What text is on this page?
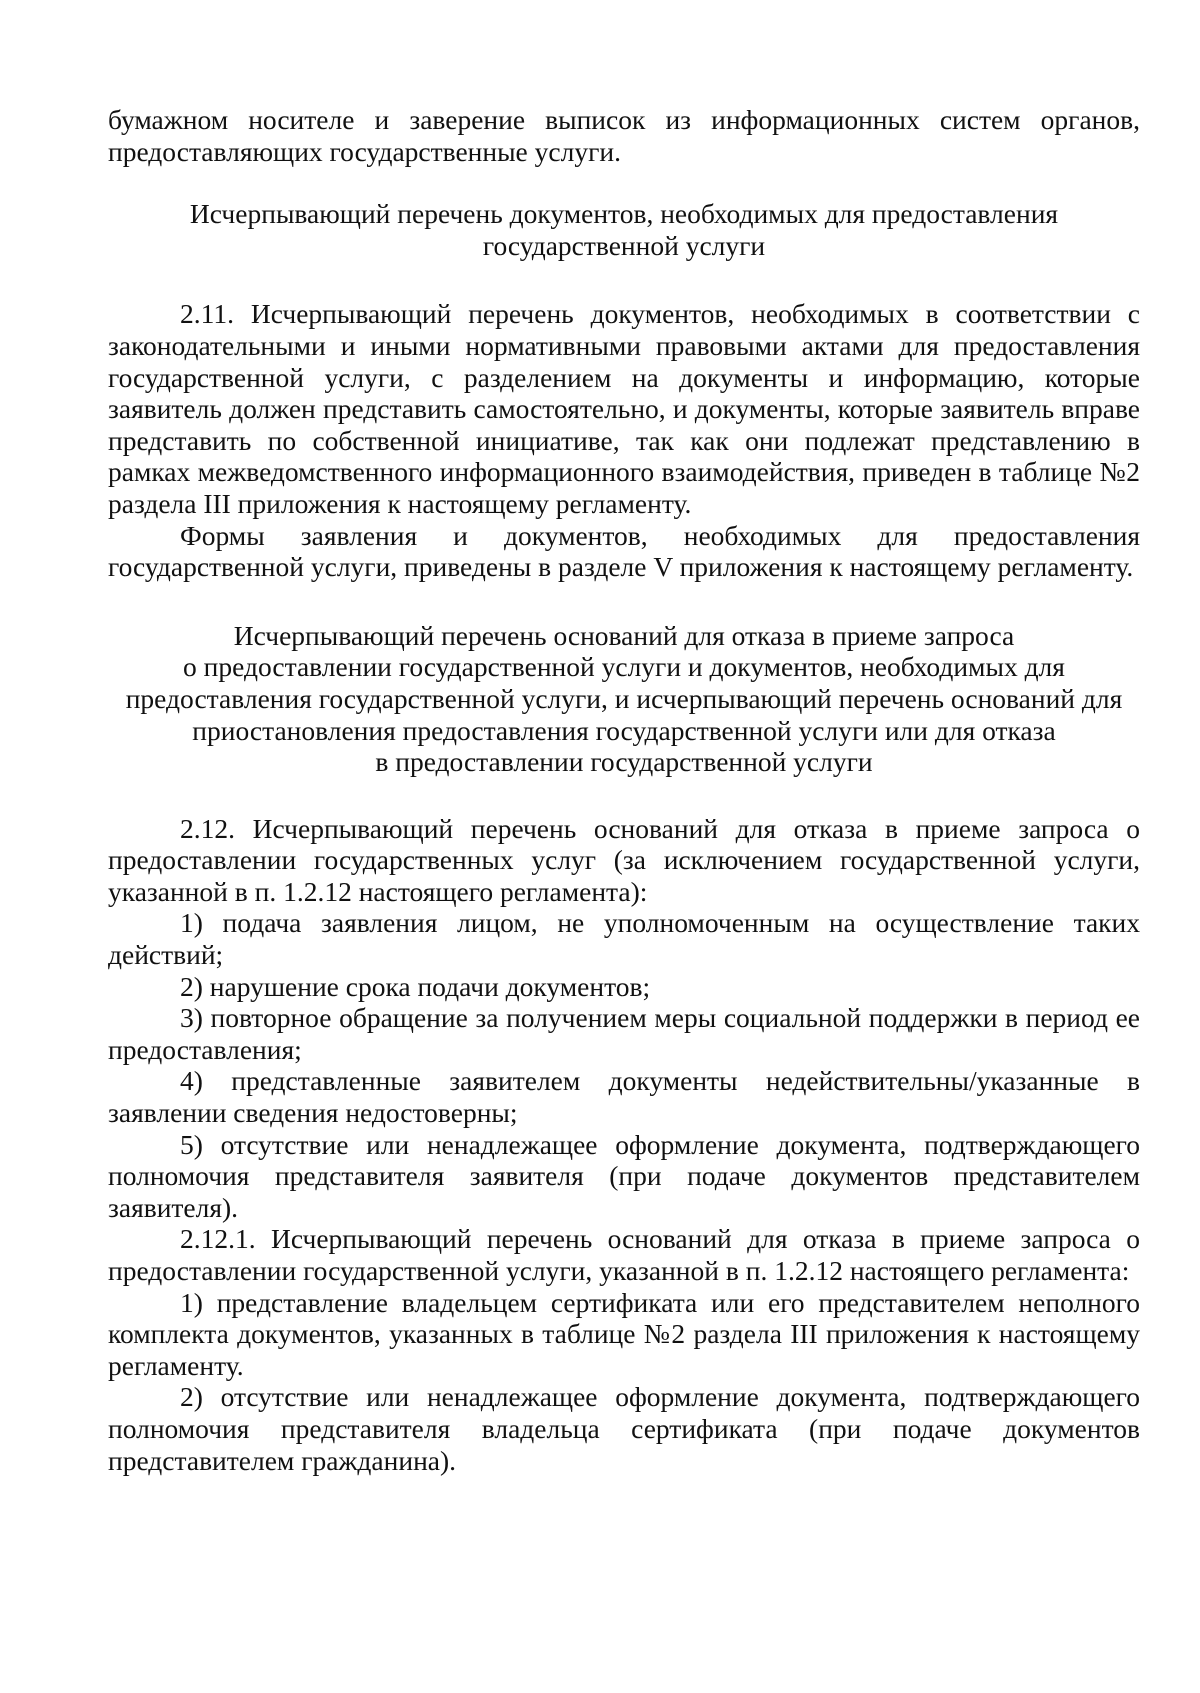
бумажном носителе и заверение выписок из информационных систем органов, предоставляющих государственные услуги.

Исчерпывающий перечень документов, необходимых для предоставления
государственной услуги

2.11. Исчерпывающий перечень документов, необходимых в соответствии с законодательными и иными нормативными правовыми актами для предоставления государственной услуги, с разделением на документы и информацию, которые заявитель должен представить самостоятельно, и документы, которые заявитель вправе представить по собственной инициативе, так как они подлежат представлению в рамках межведомственного информационного взаимодействия, приведен в таблице №2 раздела III приложения к настоящему регламенту.

Формы заявления и документов, необходимых для предоставления государственной услуги, приведены в разделе V приложения к настоящему регламенту.

Исчерпывающий перечень оснований для отказа в приеме запроса
о предоставлении государственной услуги и документов, необходимых для
предоставления государственной услуги, и исчерпывающий перечень оснований для
приостановления предоставления государственной услуги или для отказа
в предоставлении государственной услуги

2.12. Исчерпывающий перечень оснований для отказа в приеме запроса о предоставлении государственных услуг (за исключением государственной услуги, указанной в п. 1.2.12 настоящего регламента):

1) подача заявления лицом, не уполномоченным на осуществление таких действий;

2) нарушение срока подачи документов;

3) повторное обращение за получением меры социальной поддержки в период ее предоставления;

4) представленные заявителем документы недействительны/указанные в заявлении сведения недостоверны;

5) отсутствие или ненадлежащее оформление документа, подтверждающего полномочия представителя заявителя (при подаче документов представителем заявителя).

2.12.1. Исчерпывающий перечень оснований для отказа в приеме запроса о предоставлении государственной услуги, указанной в п. 1.2.12 настоящего регламента:

1) представление владельцем сертификата или его представителем неполного комплекта документов, указанных в таблице №2 раздела III приложения к настоящему регламенту.

2) отсутствие или ненадлежащее оформление документа, подтверждающего полномочия представителя владельца сертификата (при подаче документов представителем гражданина).
